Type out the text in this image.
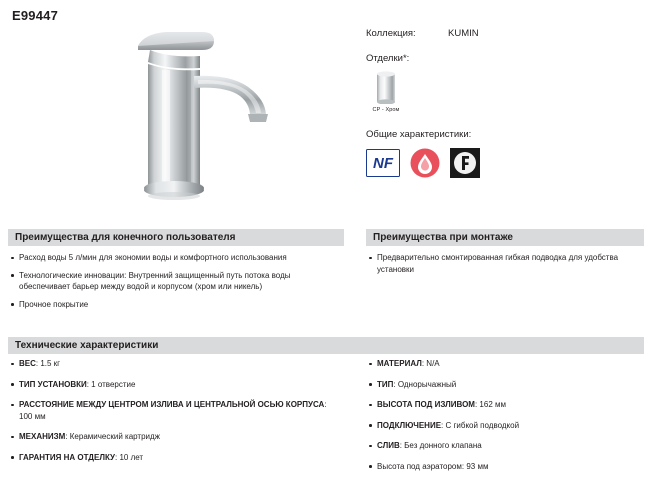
E99447
Коллекция:	KUMIN
Отделки*:
CP - Хром
Общие характеристики:
NF
Преимущества для конечного пользователя
Расход воды 5 л/мин для экономии воды и комфортного использования
Технологические инновации: Внутренний защищенный путь потока воды обеспечивает барьер между водой и корпусом (хром или никель)
Прочное покрытие
Преимущества при монтаже
Предварительно смонтированная гибкая подводка для удобства установки
Технические характеристики
ВЕС: 1.5 кг
ТИП УСТАНОВКИ: 1 отверстие
РАССТОЯНИЕ МЕЖДУ ЦЕНТРОМ ИЗЛИВА И ЦЕНТРАЛЬНОЙ ОСЬЮ КОРПУСА: 100 мм
МЕХАНИЗМ: Керамический картридж
ГАРАНТИЯ НА ОТДЕЛКУ: 10 лет
МАТЕРИАЛ: N/A
ТИП: Однорычажный
ВЫСОТА ПОД ИЗЛИВОМ: 162 мм
ПОДКЛЮЧЕНИЕ: С гибкой подводкой
СЛИВ: Без донного клапана
Высота под аэратором: 93 мм
